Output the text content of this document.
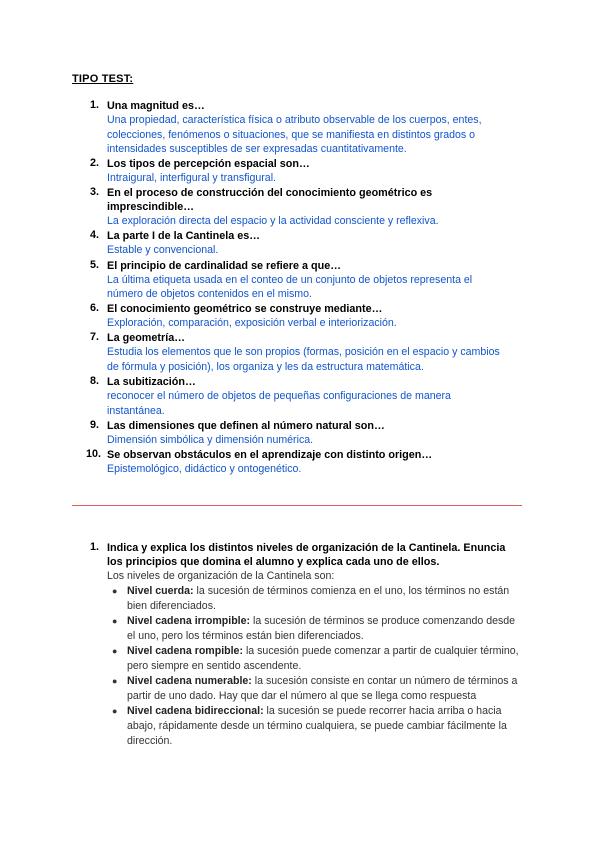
TIPO TEST:
1. Una magnitud es…
Una propiedad, característica física o atributo observable de los cuerpos, entes, colecciones, fenómenos o situaciones, que se manifiesta en distintos grados o intensidades susceptibles de ser expresadas cuantitativamente.
2. Los tipos de percepción espacial son…
Intraigural, interfigural y transfigural.
3. En el proceso de construcción del conocimiento geométrico es imprescindible…
La exploración directa del espacio y la actividad consciente y reflexiva.
4. La parte I de la Cantinela es…
Estable y convencional.
5. El principio de cardinalidad se refiere a que…
La última etiqueta usada en el conteo de un conjunto de objetos representa el número de objetos contenidos en el mismo.
6. El conocimiento geométrico se construye mediante…
Exploración, comparación, exposición verbal e interiorización.
7. La geometría…
Estudia los elementos que le son propios (formas, posición en el espacio y cambios de fórmula y posición), los organiza y les da estructura matemática.
8. La subitización…
reconocer el número de objetos de pequeñas configuraciones de manera instantánea.
9. Las dimensiones que definen al número natural son…
Dimensión simbólica y dimensión numérica.
10. Se observan obstáculos en el aprendizaje con distinto origen…
Epistemológico, didáctico y ontogenético.
1. Indica y explica los distintos niveles de organización de la Cantinela. Enuncia los principios que domina el alumno y explica cada uno de ellos.
Los niveles de organización de la Cantinela son:
● Nivel cuerda: la sucesión de términos comienza en el uno, los términos no están bien diferenciados.
● Nivel cadena irrompible: la sucesión de términos se produce comenzando desde el uno, pero los términos están bien diferenciados.
● Nivel cadena rompible: la sucesión puede comenzar a partir de cualquier término, pero siempre en sentido ascendente.
● Nivel cadena numerable: la sucesión consiste en contar un número de términos a partir de uno dado. Hay que dar el número al que se llega como respuesta
● Nivel cadena bidireccional: la sucesión se puede recorrer hacia arriba o hacia abajo, rápidamente desde un término cualquiera, se puede cambiar fácilmente la dirección.
